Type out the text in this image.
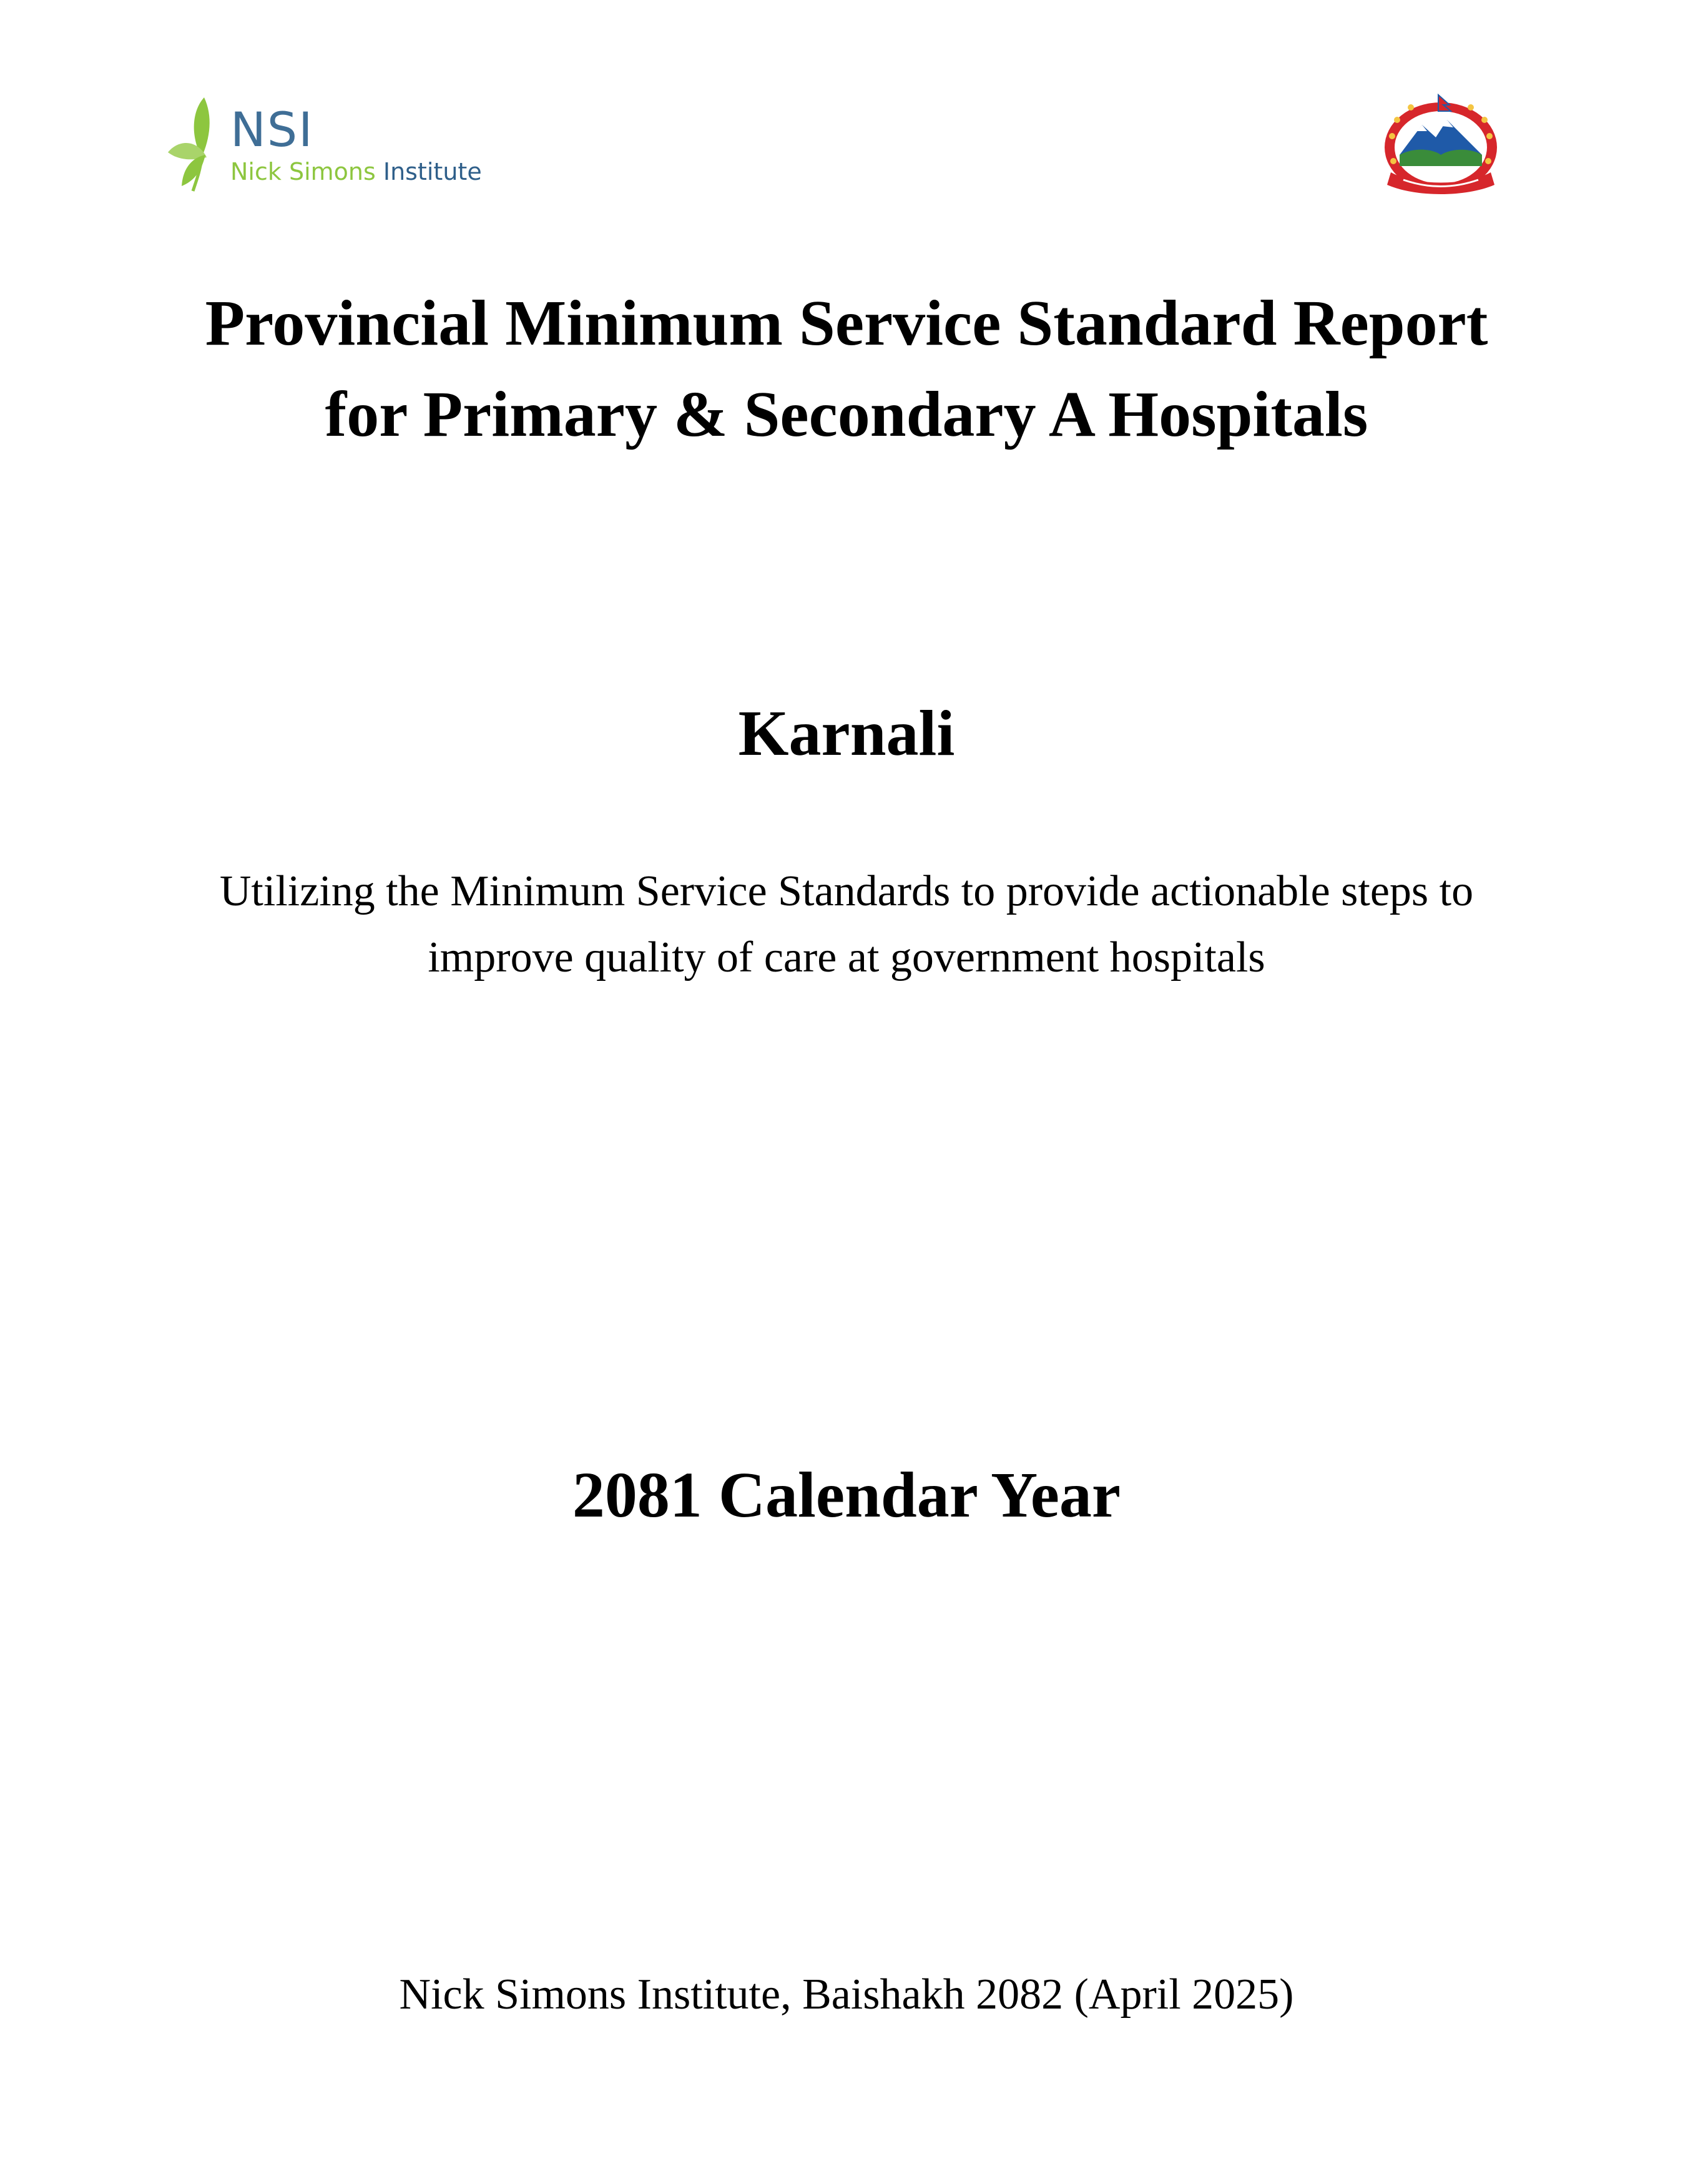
NSI
Nick Simons Institute
Provincial Minimum Service Standard Report
for Primary & Secondary A Hospitals
Karnali
Utilizing the Minimum Service Standards to provide actionable steps to
improve quality of care at government hospitals
2081 Calendar Year
Nick Simons Institute, Baishakh 2082 (April 2025)
